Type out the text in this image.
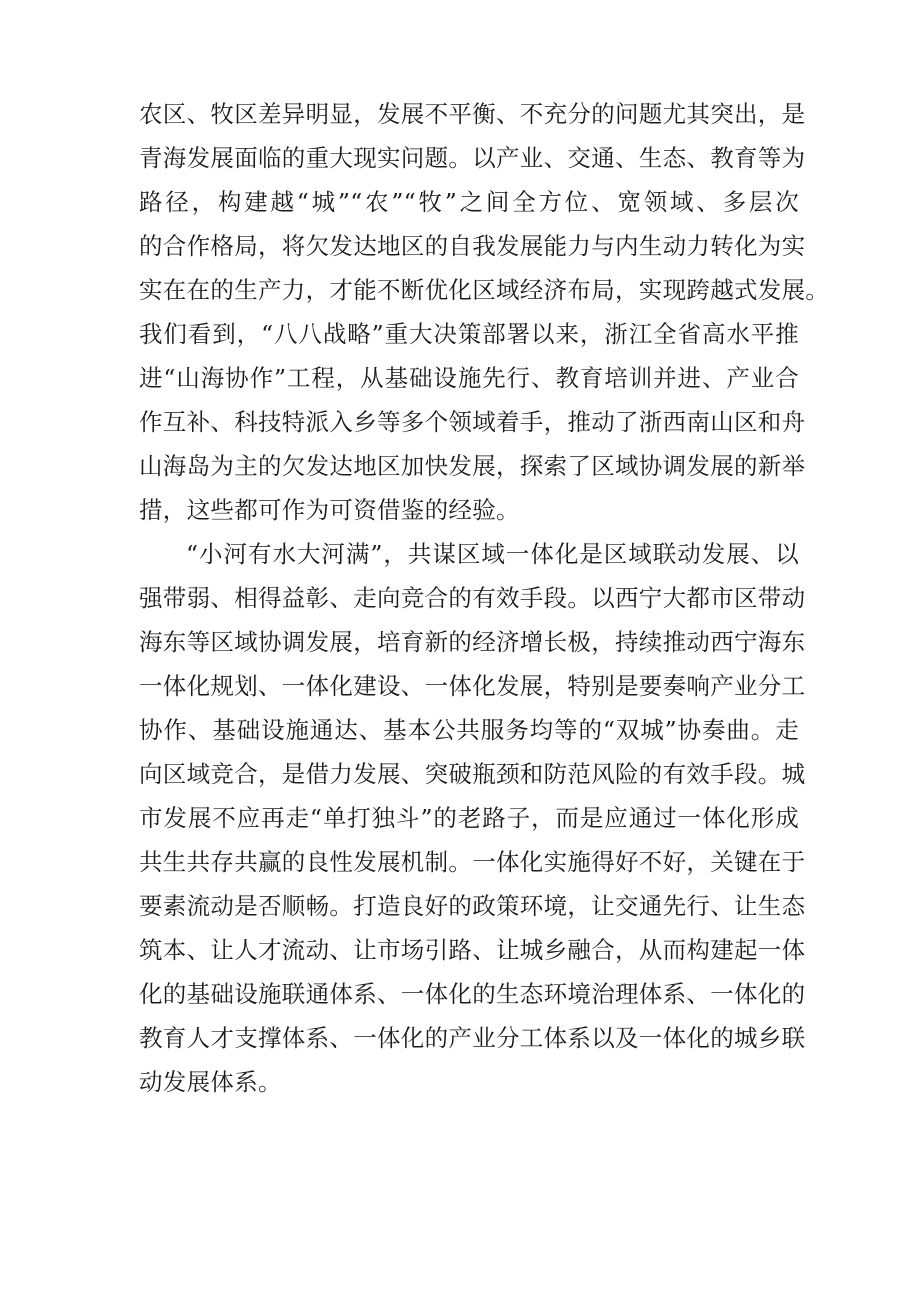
农区、牧区差异明显，发展不平衡、不充分的问题尤其突出，是
青海发展面临的重大现实问题。以产业、交通、生态、教育等为
路径，构建越“城”“农”“牧”之间全方位、宽领域、多层次
的合作格局，将欠发达地区的自我发展能力与内生动力转化为实
实在在的生产力，才能不断优化区域经济布局，实现跨越式发展。
我们看到，“八八战略”重大决策部署以来，浙江全省高水平推
进“山海协作”工程，从基础设施先行、教育培训并进、产业合
作互补、科技特派入乡等多个领域着手，推动了浙西南山区和舟
山海岛为主的欠发达地区加快发展，探索了区域协调发展的新举
措，这些都可作为可资借鉴的经验。
“小河有水大河满”，共谋区域一体化是区域联动发展、以
强带弱、相得益彰、走向竞合的有效手段。以西宁大都市区带动
海东等区域协调发展，培育新的经济增长极，持续推动西宁海东
一体化规划、一体化建设、一体化发展，特别是要奏响产业分工
协作、基础设施通达、基本公共服务均等的“双城”协奏曲。走
向区域竞合，是借力发展、突破瓶颈和防范风险的有效手段。城
市发展不应再走“单打独斗”的老路子，而是应通过一体化形成
共生共存共赢的良性发展机制。一体化实施得好不好，关键在于
要素流动是否顺畅。打造良好的政策环境，让交通先行、让生态
筑本、让人才流动、让市场引路、让城乡融合，从而构建起一体
化的基础设施联通体系、一体化的生态环境治理体系、一体化的
教育人才支撑体系、一体化的产业分工体系以及一体化的城乡联
动发展体系。
